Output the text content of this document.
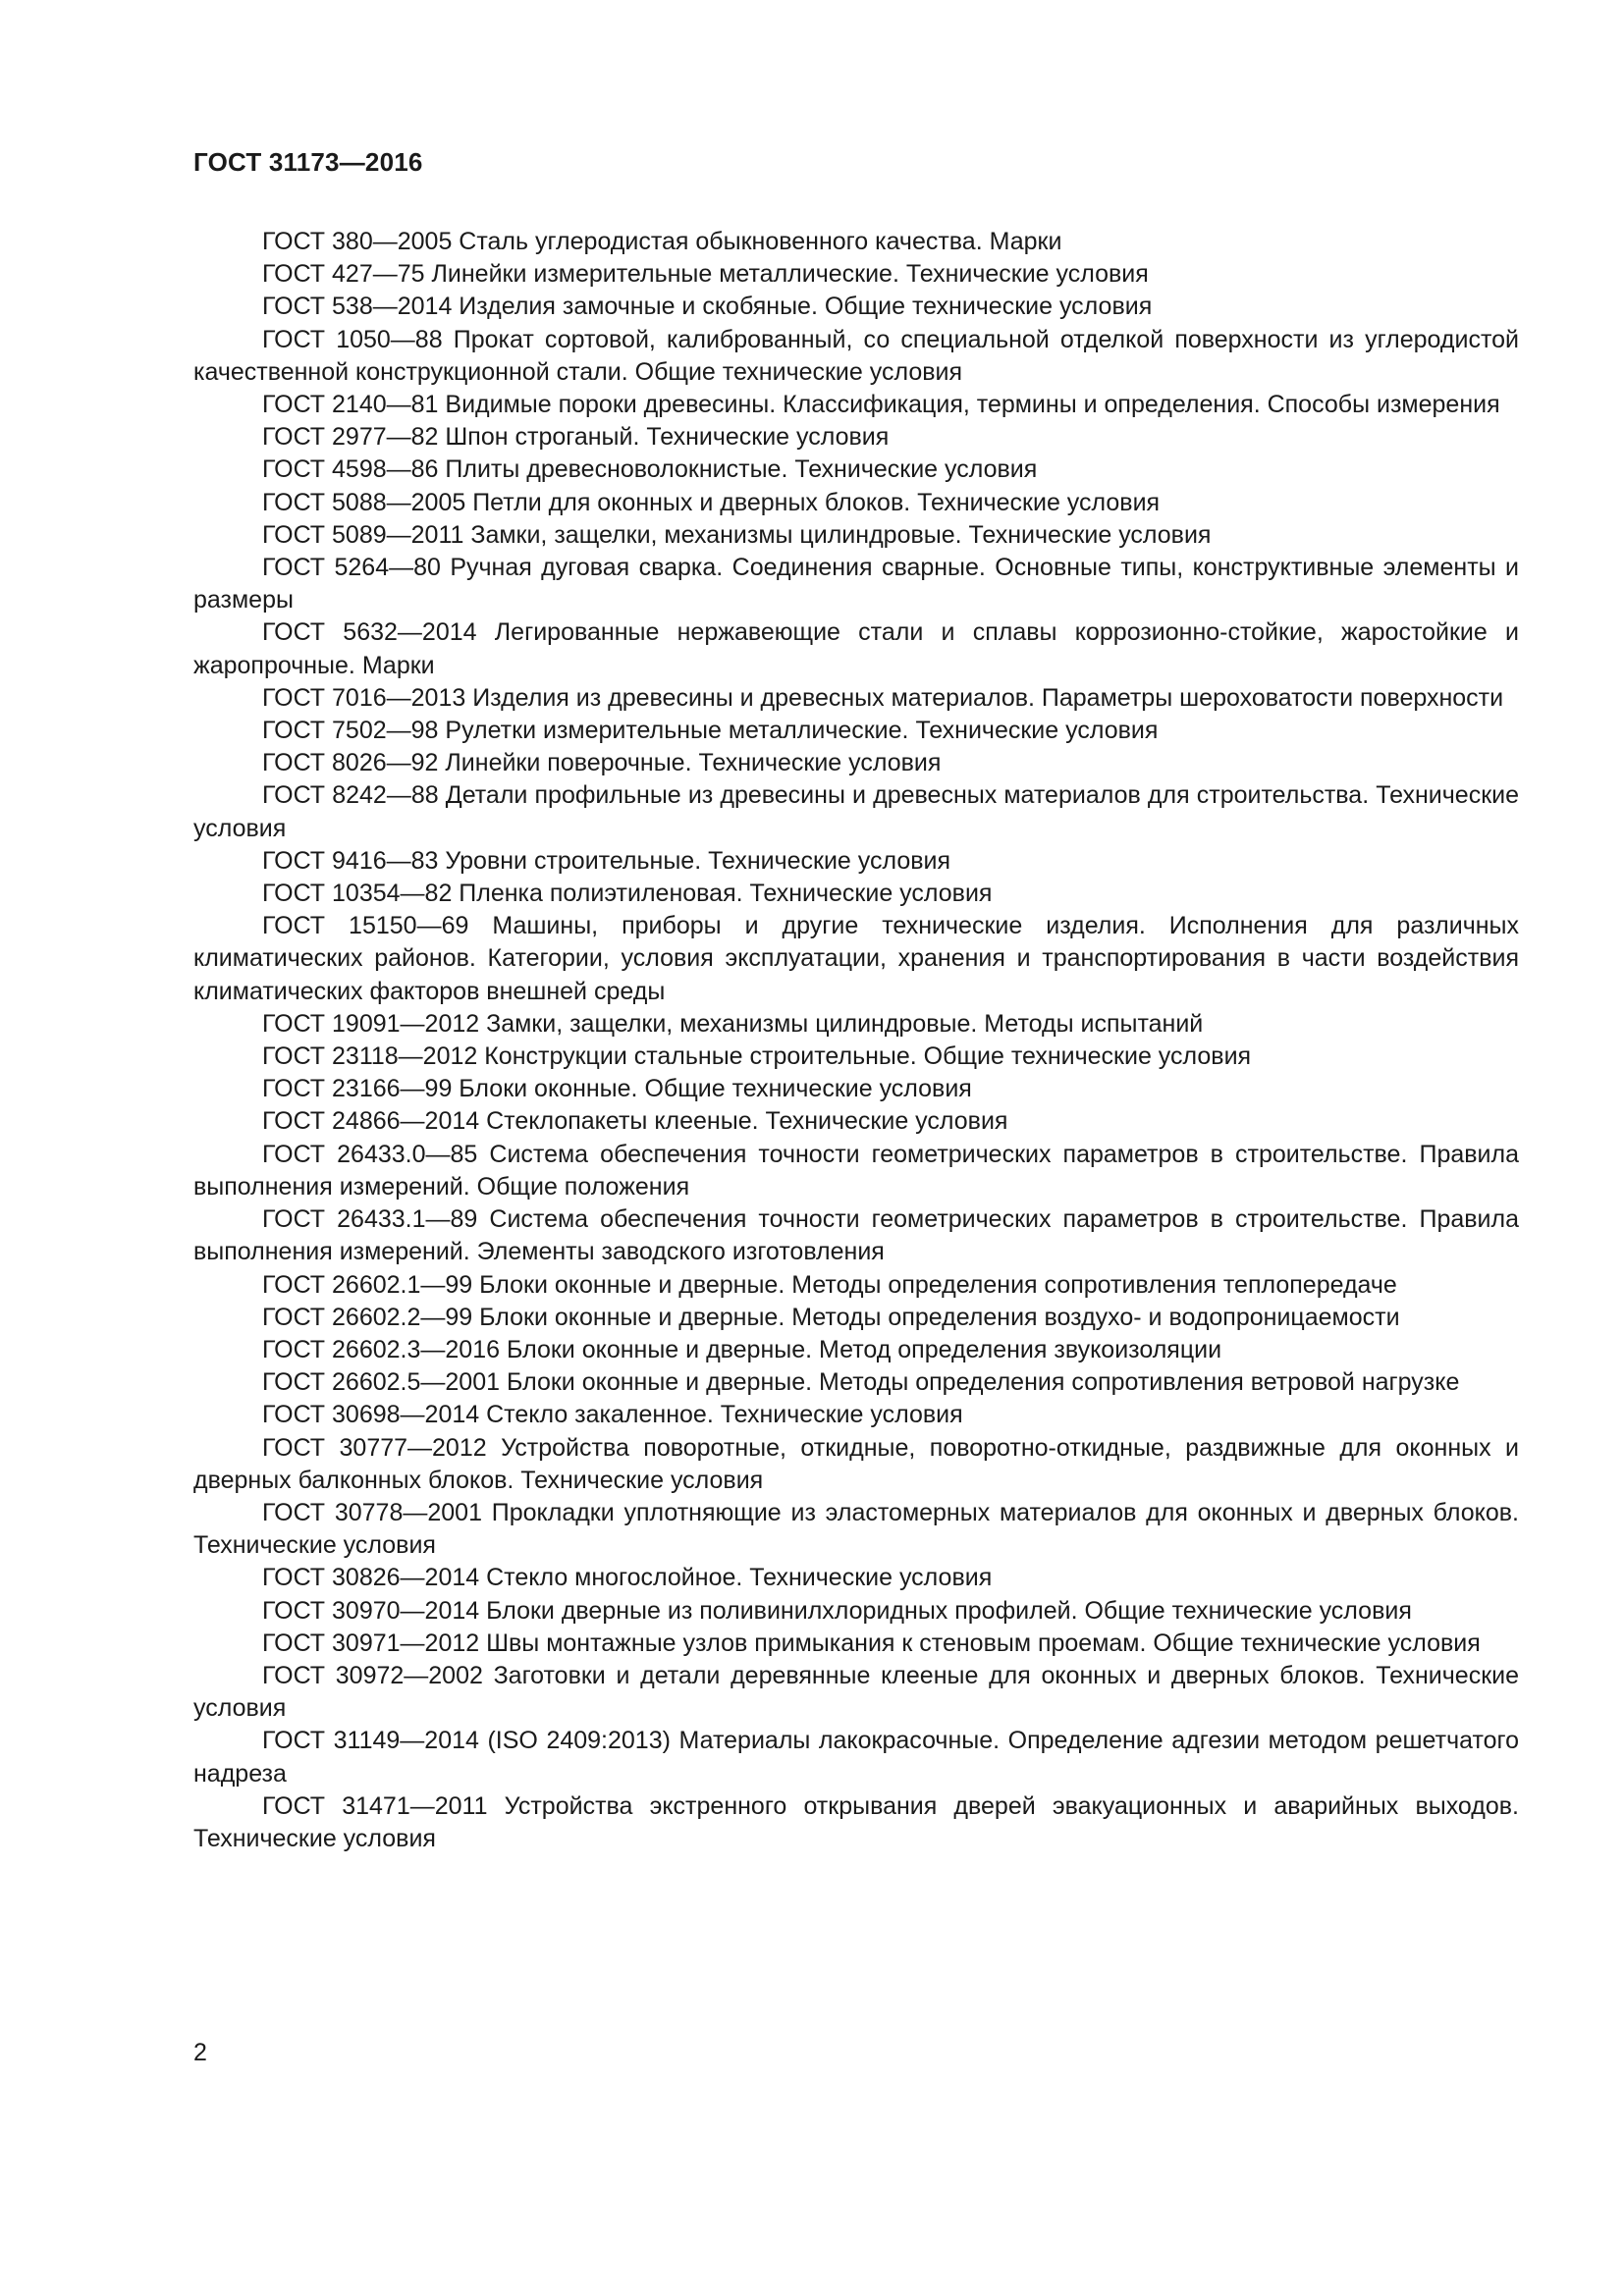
ГОСТ 31173—2016

ГОСТ 380—2005 Сталь углеродистая обыкновенного качества. Марки

ГОСТ 427—75 Линейки измерительные металлические. Технические условия

ГОСТ 538—2014 Изделия замочные и скобяные. Общие технические условия

ГОСТ 1050—88 Прокат сортовой, калиброванный, со специальной отделкой поверхности из углеродистой качественной конструкционной стали. Общие технические условия

ГОСТ 2140—81 Видимые пороки древесины. Классификация, термины и определения. Способы измерения

ГОСТ 2977—82 Шпон строганый. Технические условия

ГОСТ 4598—86 Плиты древесноволокнистые. Технические условия

ГОСТ 5088—2005 Петли для оконных и дверных блоков. Технические условия

ГОСТ 5089—2011 Замки, защелки, механизмы цилиндровые. Технические условия

ГОСТ 5264—80 Ручная дуговая сварка. Соединения сварные. Основные типы, конструктивные элементы и размеры

ГОСТ 5632—2014 Легированные нержавеющие стали и сплавы коррозионно-стойкие, жаростойкие и жаропрочные. Марки

ГОСТ 7016—2013 Изделия из древесины и древесных материалов. Параметры шероховатости поверхности

ГОСТ 7502—98 Рулетки измерительные металлические. Технические условия

ГОСТ 8026—92 Линейки поверочные. Технические условия

ГОСТ 8242—88 Детали профильные из древесины и древесных материалов для строительства. Технические условия

ГОСТ 9416—83 Уровни строительные. Технические условия

ГОСТ 10354—82 Пленка полиэтиленовая. Технические условия

ГОСТ 15150—69 Машины, приборы и другие технические изделия. Исполнения для различных климатических районов. Категории, условия эксплуатации, хранения и транспортирования в части воздействия климатических факторов внешней среды

ГОСТ 19091—2012 Замки, защелки, механизмы цилиндровые. Методы испытаний

ГОСТ 23118—2012 Конструкции стальные строительные. Общие технические условия

ГОСТ 23166—99 Блоки оконные. Общие технические условия

ГОСТ 24866—2014 Стеклопакеты клееные. Технические условия

ГОСТ 26433.0—85 Система обеспечения точности геометрических параметров в строительстве. Правила выполнения измерений. Общие положения

ГОСТ 26433.1—89 Система обеспечения точности геометрических параметров в строительстве. Правила выполнения измерений. Элементы заводского изготовления

ГОСТ 26602.1—99 Блоки оконные и дверные. Методы определения сопротивления теплопередаче

ГОСТ 26602.2—99 Блоки оконные и дверные. Методы определения воздухо- и водопроницаемости

ГОСТ 26602.3—2016 Блоки оконные и дверные. Метод определения звукоизоляции

ГОСТ 26602.5—2001 Блоки оконные и дверные. Методы определения сопротивления ветровой нагрузке

ГОСТ 30698—2014 Стекло закаленное. Технические условия

ГОСТ 30777—2012 Устройства поворотные, откидные, поворотно-откидные, раздвижные для оконных и дверных балконных блоков. Технические условия

ГОСТ 30778—2001 Прокладки уплотняющие из эластомерных материалов для оконных и дверных блоков. Технические условия

ГОСТ 30826—2014 Стекло многослойное. Технические условия

ГОСТ 30970—2014 Блоки дверные из поливинилхлоридных профилей. Общие технические условия

ГОСТ 30971—2012 Швы монтажные узлов примыкания к стеновым проемам. Общие технические условия

ГОСТ 30972—2002 Заготовки и детали деревянные клееные для оконных и дверных блоков. Технические условия

ГОСТ 31149—2014 (ISO 2409:2013) Материалы лакокрасочные. Определение адгезии методом решетчатого надреза

ГОСТ 31471—2011 Устройства экстренного открывания дверей эвакуационных и аварийных выходов. Технические условия

2
